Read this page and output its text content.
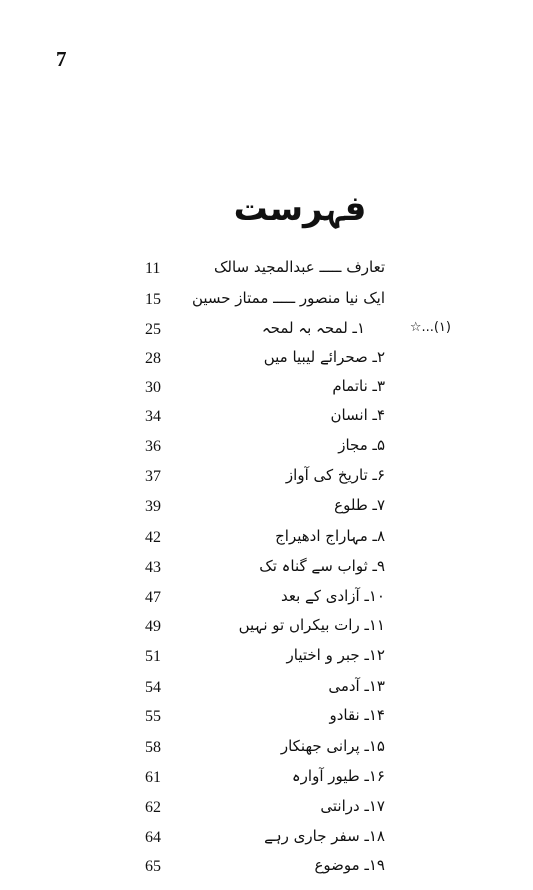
7
فہرست
11	تعارف ـــــ عبدالمجید سالک
15	ایک نیا منصور ـــــ ممتاز حسین
25	۱ـ لمحہ بہ لمحہ	☆...(۱)
28	۲ـ صحرائے لیبیا میں
30	۳ـ ناتمام
34	۴ـ انسان
36	۵ـ مجاز
37	۶ـ تاریخ کی آواز
39	۷ـ طلوع
42	۸ـ مہاراج ادھیراج
43	۹ـ ثواب سے گناہ تک
47	۱۰ـ آزادی کے بعد
49	۱۱ـ رات بیکراں تو نہیں
51	۱۲ـ جبر و اختیار
54	۱۳ـ آدمی
55	۱۴ـ نقادو
58	۱۵ـ پرانی جھنکار
61	۱۶ـ طیور آوارہ
62	۱۷ـ درانتی
64	۱۸ـ سفر جاری رہے
65	۱۹ـ موضوع
